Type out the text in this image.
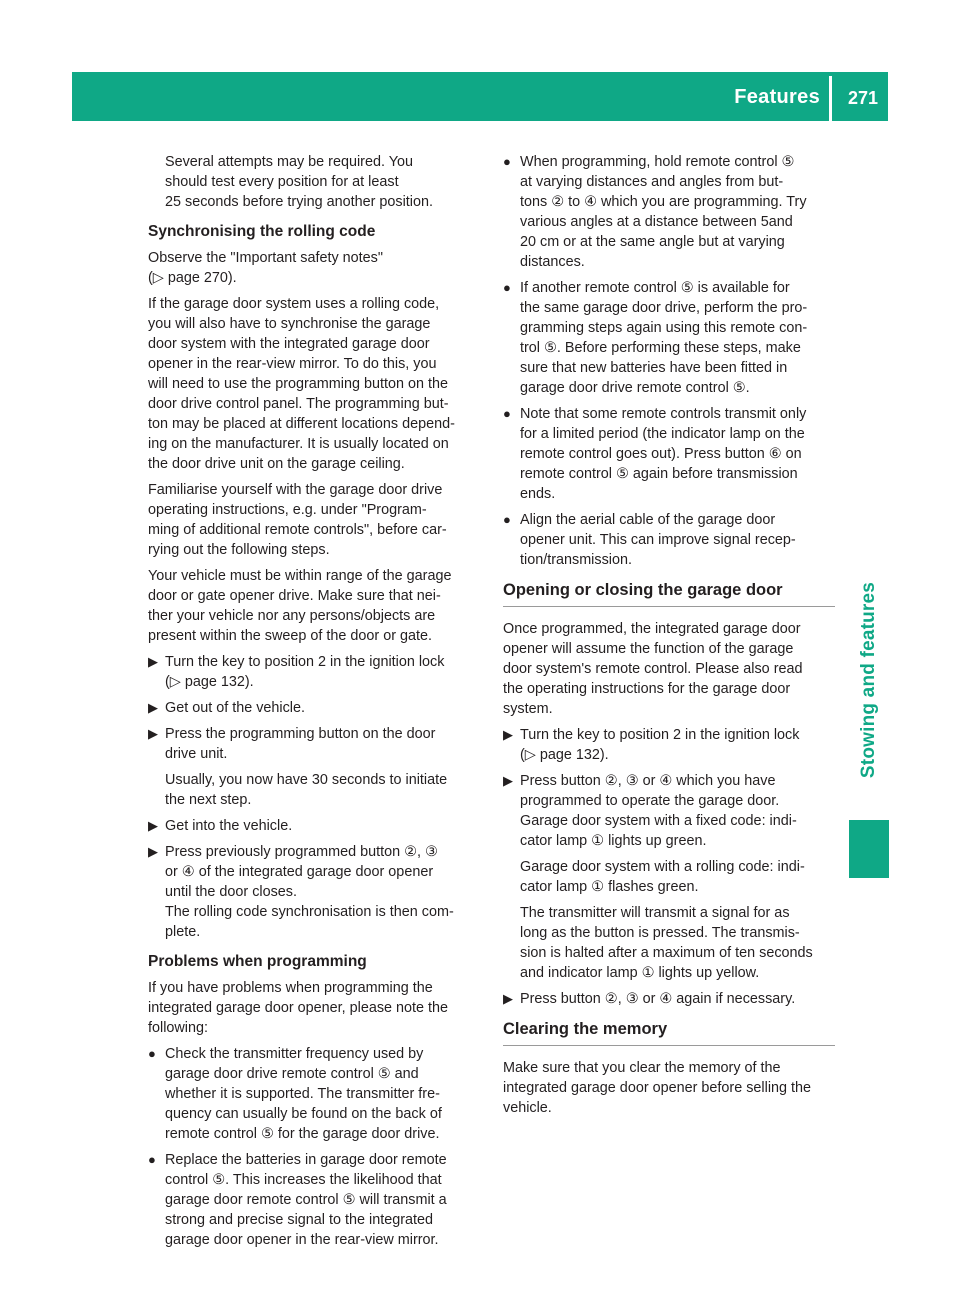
Features 271
Stowing and features
Several attempts may be required. You
should test every position for at least
25 seconds before trying another position.
Synchronising the rolling code
Observe the "Important safety notes"
(▷ page 270).
If the garage door system uses a rolling code,
you will also have to synchronise the garage
door system with the integrated garage door
opener in the rear-view mirror. To do this, you
will need to use the programming button on the
door drive control panel. The programming but-
ton may be placed at different locations depend-
ing on the manufacturer. It is usually located on
the door drive unit on the garage ceiling.
Familiarise yourself with the garage door drive
operating instructions, e.g. under "Program-
ming of additional remote controls", before car-
rying out the following steps.
Your vehicle must be within range of the garage
door or gate opener drive. Make sure that nei-
ther your vehicle nor any persons/objects are
present within the sweep of the door or gate.
▶ Turn the key to position 2 in the ignition lock
(▷ page 132).
▶ Get out of the vehicle.
▶ Press the programming button on the door
drive unit.
Usually, you now have 30 seconds to initiate
the next step.
▶ Get into the vehicle.
▶ Press previously programmed button ②, ③
or ④ of the integrated garage door opener
until the door closes.
The rolling code synchronisation is then com-
plete.
Problems when programming
If you have problems when programming the
integrated garage door opener, please note the
following:
● Check the transmitter frequency used by
garage door drive remote control ⑤ and
whether it is supported. The transmitter fre-
quency can usually be found on the back of
remote control ⑤ for the garage door drive.
● Replace the batteries in garage door remote
control ⑤. This increases the likelihood that
garage door remote control ⑤ will transmit a
strong and precise signal to the integrated
garage door opener in the rear-view mirror.
● When programming, hold remote control ⑤
at varying distances and angles from but-
tons ② to ④ which you are programming. Try
various angles at a distance between 5and
20 cm or at the same angle but at varying
distances.
● If another remote control ⑤ is available for
the same garage door drive, perform the pro-
gramming steps again using this remote con-
trol ⑤. Before performing these steps, make
sure that new batteries have been fitted in
garage door drive remote control ⑤.
● Note that some remote controls transmit only
for a limited period (the indicator lamp on the
remote control goes out). Press button ⑥ on
remote control ⑤ again before transmission
ends.
● Align the aerial cable of the garage door
opener unit. This can improve signal recep-
tion/transmission.
Opening or closing the garage door
Once programmed, the integrated garage door
opener will assume the function of the garage
door system's remote control. Please also read
the operating instructions for the garage door
system.
▶ Turn the key to position 2 in the ignition lock
(▷ page 132).
▶ Press button ②, ③ or ④ which you have
programmed to operate the garage door.
Garage door system with a fixed code: indi-
cator lamp ① lights up green.
Garage door system with a rolling code: indi-
cator lamp ① flashes green.
The transmitter will transmit a signal for as
long as the button is pressed. The transmis-
sion is halted after a maximum of ten seconds
and indicator lamp ① lights up yellow.
▶ Press button ②, ③ or ④ again if necessary.
Clearing the memory
Make sure that you clear the memory of the
integrated garage door opener before selling the
vehicle.
